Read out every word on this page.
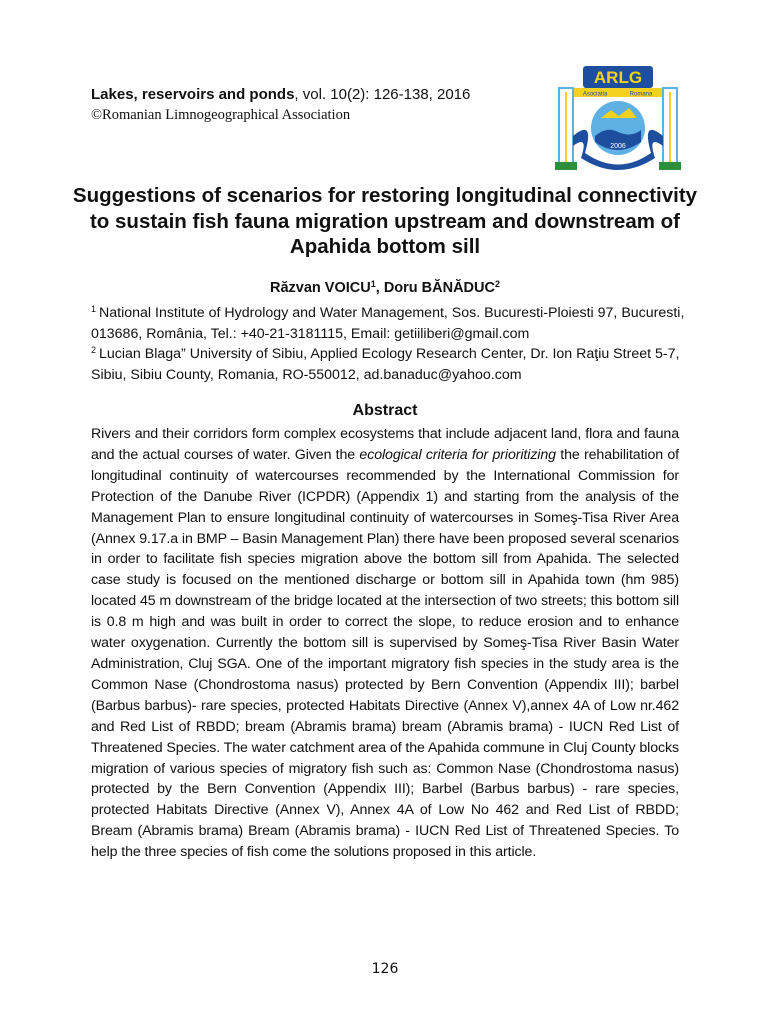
Lakes, reservoirs and ponds, vol. 10(2): 126-138, 2016
©Romanian Limnogeographical Association
ARLG
Asociatia	Romana
2006
Suggestions of scenarios for restoring longitudinal connectivity to sustain fish fauna migration upstream and downstream of Apahida bottom sill
Răzvan VOICU$^1$, Doru BĂNĂDUC$^2$
$^1$ National Institute of Hydrology and Water Management, Sos. Bucuresti-Ploiesti 97, Bucuresti, 013686, România, Tel.: +40-21-3181115, Email: getiiliberi@gmail.com
$^2$ Lucian Blaga” University of Sibiu, Applied Ecology Research Center, Dr. Ion Raţiu Street 5-7, Sibiu, Sibiu County, Romania, RO-550012, ad.banaduc@yahoo.com
Abstract
Rivers and their corridors form complex ecosystems that include adjacent land, flora and fauna and the actual courses of water. Given the ecological criteria for prioritizing the rehabilitation of longitudinal continuity of watercourses recommended by the International Commission for Protection of the Danube River (ICPDR) (Appendix 1) and starting from the analysis of the Management Plan to ensure longitudinal continuity of watercourses in Someş-Tisa River Area (Annex 9.17.a in BMP – Basin Management Plan) there have been proposed several scenarios in order to facilitate fish species migration above the bottom sill from Apahida. The selected case study is focused on the mentioned discharge or bottom sill in Apahida town (hm 985) located 45 m downstream of the bridge located at the intersection of two streets; this bottom sill is 0.8 m high and was built in order to correct the slope, to reduce erosion and to enhance water oxygenation. Currently the bottom sill is supervised by Someş-Tisa River Basin Water Administration, Cluj SGA. One of the important migratory fish species in the study area is the Common Nase (Chondrostoma nasus) protected by Bern Convention (Appendix III); barbel (Barbus barbus)- rare species, protected Habitats Directive (Annex V),annex 4A of Low nr.462 and Red List of RBDD; bream (Abramis brama) bream (Abramis brama) - IUCN Red List of Threatened Species. The water catchment area of the Apahida commune in Cluj County blocks migration of various species of migratory fish such as: Common Nase (Chondrostoma nasus) protected by the Bern Convention (Appendix III); Barbel (Barbus barbus) - rare species, protected Habitats Directive (Annex V), Annex 4A of Low No 462 and Red List of RBDD; Bream (Abramis brama) Bream (Abramis brama) - IUCN Red List of Threatened Species. To help the three species of fish come the solutions proposed in this article.
126
